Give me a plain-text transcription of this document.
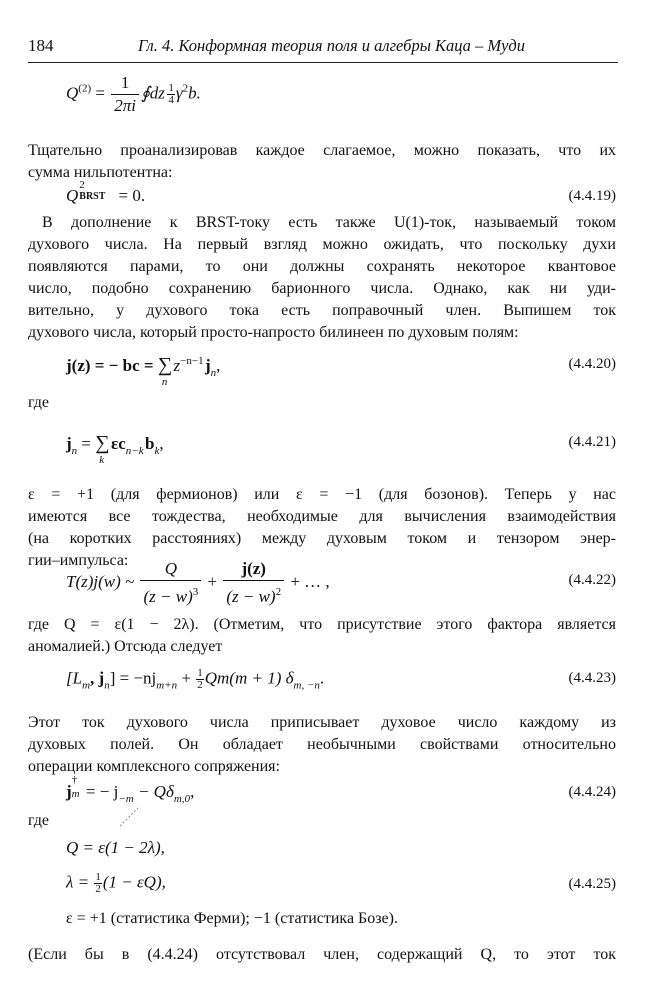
184	Гл. 4. Конформная теория поля и алгебры Каца – Муди
$Q^{(2)} = \frac{1}{2\pi i}$ ∮dz  $\frac{1}{4} \gamma^2b$.
Тщательно проанализировав каждое слагаемое, можно показать, что их
сумма нильпотентна:
Q
2
BRST = 0.	(4.4.19)
В дополнение к BRST-току есть также U(1)-ток, называемый током
духового числа. На первый взгляд можно ожидать, что поскольку духи
появляются парами, то они должны сохранять некоторое квантовое
число, подобно сохранению барионного числа. Однако, как ни уди-
вительно, у духового тока есть поправочный член. Выпишем ток
духового числа, который просто-напросто билинеен по духовым полям:
j(z) = − bc = ∑
n
 $z^{-n-1}$ $j_n$,	(4.4.20)
где
$j_n$ = ∑
k
 $\varepsilon c_{n-k}$ $b_k$,	(4.4.21)
ε = +1 (для фермионов) или ε = −1 (для бозонов). Теперь у нас
имеются все тождества, необходимые для вычисления взаимодействия
(на коротких расстояниях) между духовым током и тензором энер-
гии–импульса:
T(z)j(w) ~ $\frac{Q}{(z - w)^3} + \frac{j(z)}{(z - w)^2}$ + … ,	(4.4.22)
где Q = ε(1 − 2λ). (Отметим, что присутствие этого фактора является
аномалией.) Отсюда следует
[$L_m$, $j_n] = -nj_{m+n} + \frac{1}{2} Qm(m + 1)$ $\delta_{m, -n}$.	(4.4.23)
Этот ток духового числа приписывает духовое число каждому из
духовых полей. Он обладает необычными свойствами относительно
операции комплексного сопряжения:
j
†
m = − $j_{-m} - Q\delta_{m,0}$,	(4.4.24)
где
Q = ε(1 − 2λ),
$\lambda = \frac{1}{2} (1 - \varepsilon Q)$,	(4.4.25)
ε = +1 (статистика Ферми); −1 (статистика Бозе).
(Если бы в (4.4.24) отсутствовал член, содержащий Q, то этот ток
